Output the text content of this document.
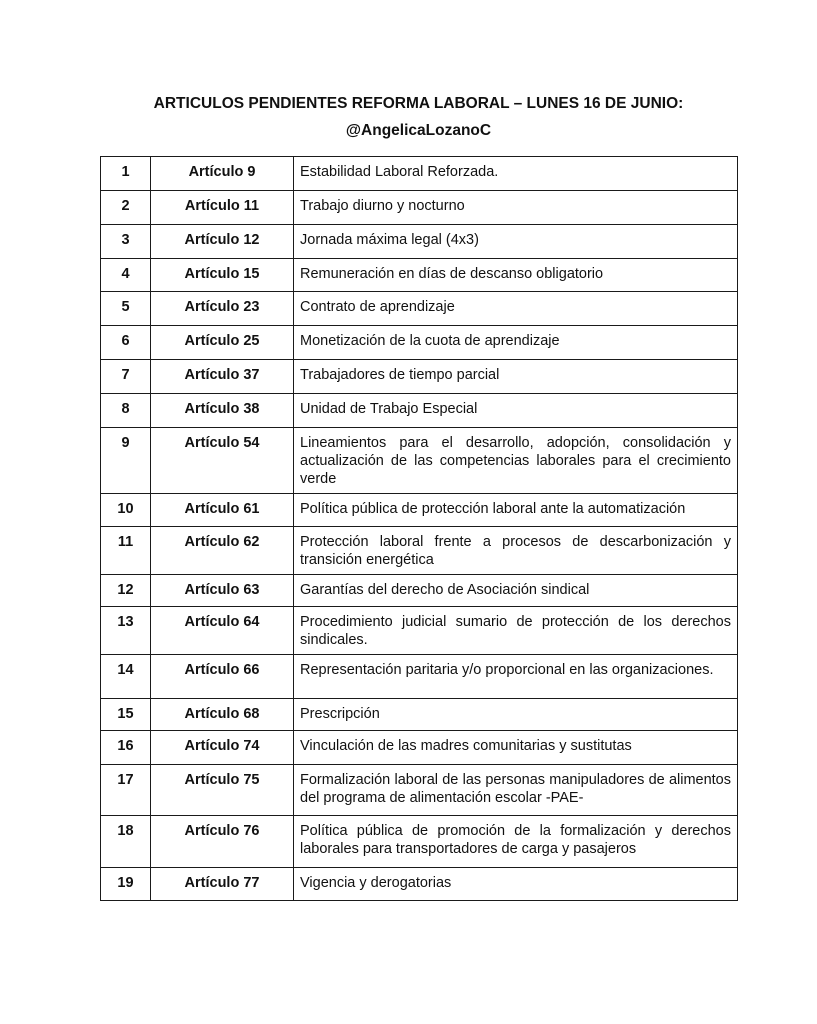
ARTICULOS PENDIENTES REFORMA LABORAL – LUNES 16 DE JUNIO:
@AngelicaLozanoC
1	Artículo 9	Estabilidad Laboral Reforzada.
2	Artículo 11	Trabajo diurno y nocturno
3	Artículo 12	Jornada máxima legal (4x3)
4	Artículo 15	Remuneración en días de descanso obligatorio
5	Artículo 23	Contrato de aprendizaje
6	Artículo 25	Monetización de la cuota de aprendizaje
7	Artículo 37	Trabajadores de tiempo parcial
8	Artículo 38	Unidad de Trabajo Especial
9	Artículo 54	Lineamientos para el desarrollo, adopción, consolidación y actualización de las competencias laborales para el crecimiento verde
10	Artículo 61	Política pública de protección laboral ante la automatización
11	Artículo 62	Protección laboral frente a procesos de descarbonización y transición energética
12	Artículo 63	Garantías del derecho de Asociación sindical
13	Artículo 64	Procedimiento judicial sumario de protección de los derechos sindicales.
14	Artículo 66	Representación paritaria y/o proporcional en las organizaciones.
15	Artículo 68	Prescripción
16	Artículo 74	Vinculación de las madres comunitarias y sustitutas
17	Artículo 75	Formalización laboral de las personas manipuladores de alimentos del programa de alimentación escolar -PAE-
18	Artículo 76	Política pública de promoción de la formalización y derechos laborales para transportadores de carga y pasajeros
19	Artículo 77	Vigencia y derogatorias
